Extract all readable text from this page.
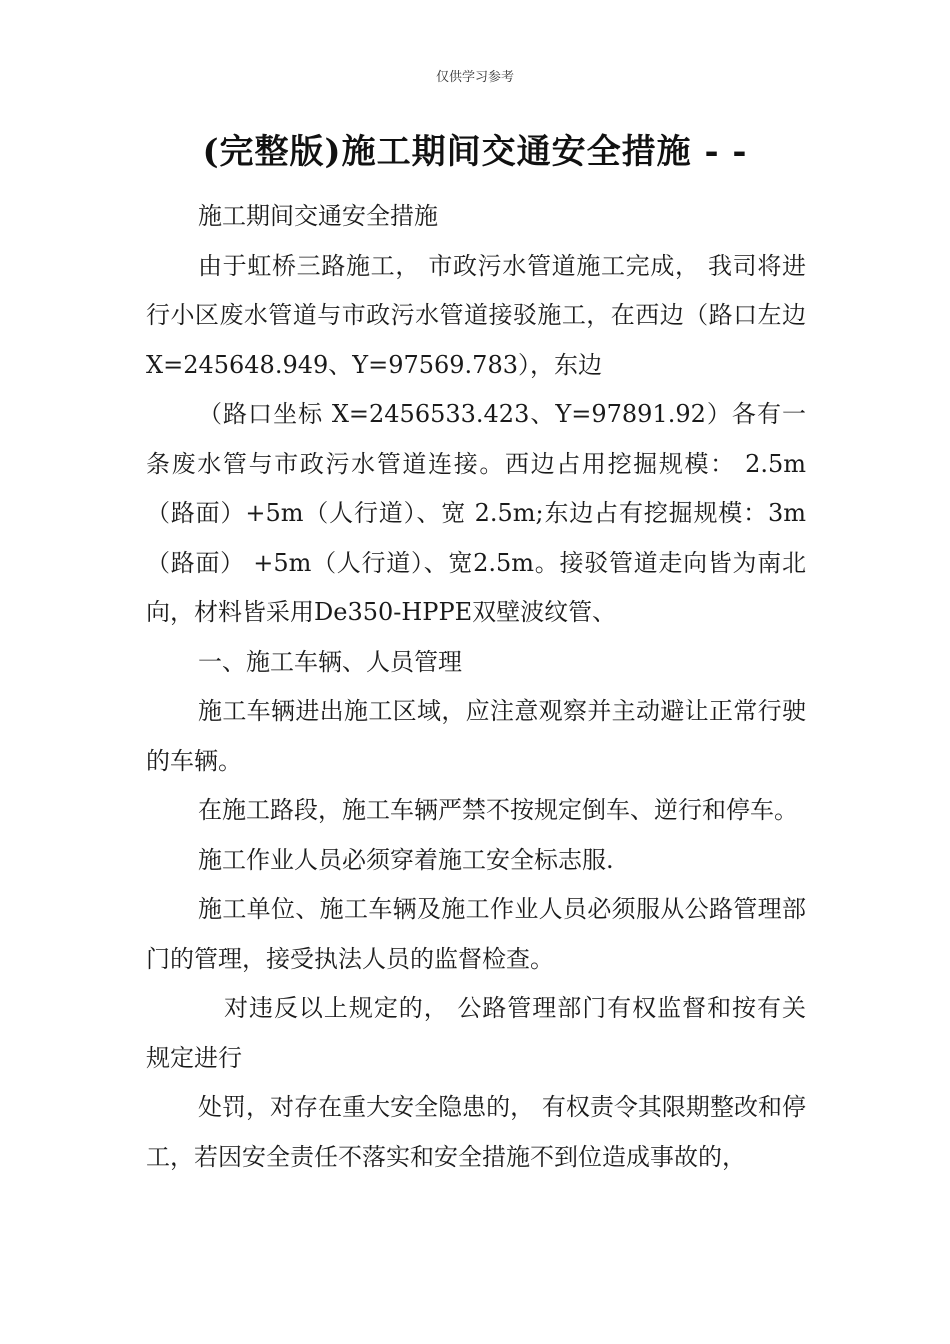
仅供学习参考
(完整版)施工期间交通安全措施 - -

施工期间交通安全措施

由于虹桥三路施工， 市政污水管道施工完成， 我司将进行小区废水管道与市政污水管道接驳施工，在西边（路口左边X=245648.949、Y=97569.783），东边

（路口坐标 X=2456533.423、Y=97891.92）各有一条废水管与市政污水管道连接。西边占用挖掘规模： 2.5m（路面）+5m（人行道）、宽 2.5m;东边占有挖掘规模：3m（路面） +5m（人行道）、宽2.5m。接驳管道走向皆为南北向，材料皆采用De350-HPPE双壁波纹管、

一、施工车辆、人员管理

施工车辆进出施工区域，应注意观察并主动避让正常行驶的车辆。

在施工路段，施工车辆严禁不按规定倒车、逆行和停车。

施工作业人员必须穿着施工安全标志服.

施工单位、施工车辆及施工作业人员必须服从公路管理部门的管理，接受执法人员的监督检查。

对违反以上规定的， 公路管理部门有权监督和按有关规定进行

处罚，对存在重大安全隐患的， 有权责令其限期整改和停工，若因安全责任不落实和安全措施不到位造成事故的，
